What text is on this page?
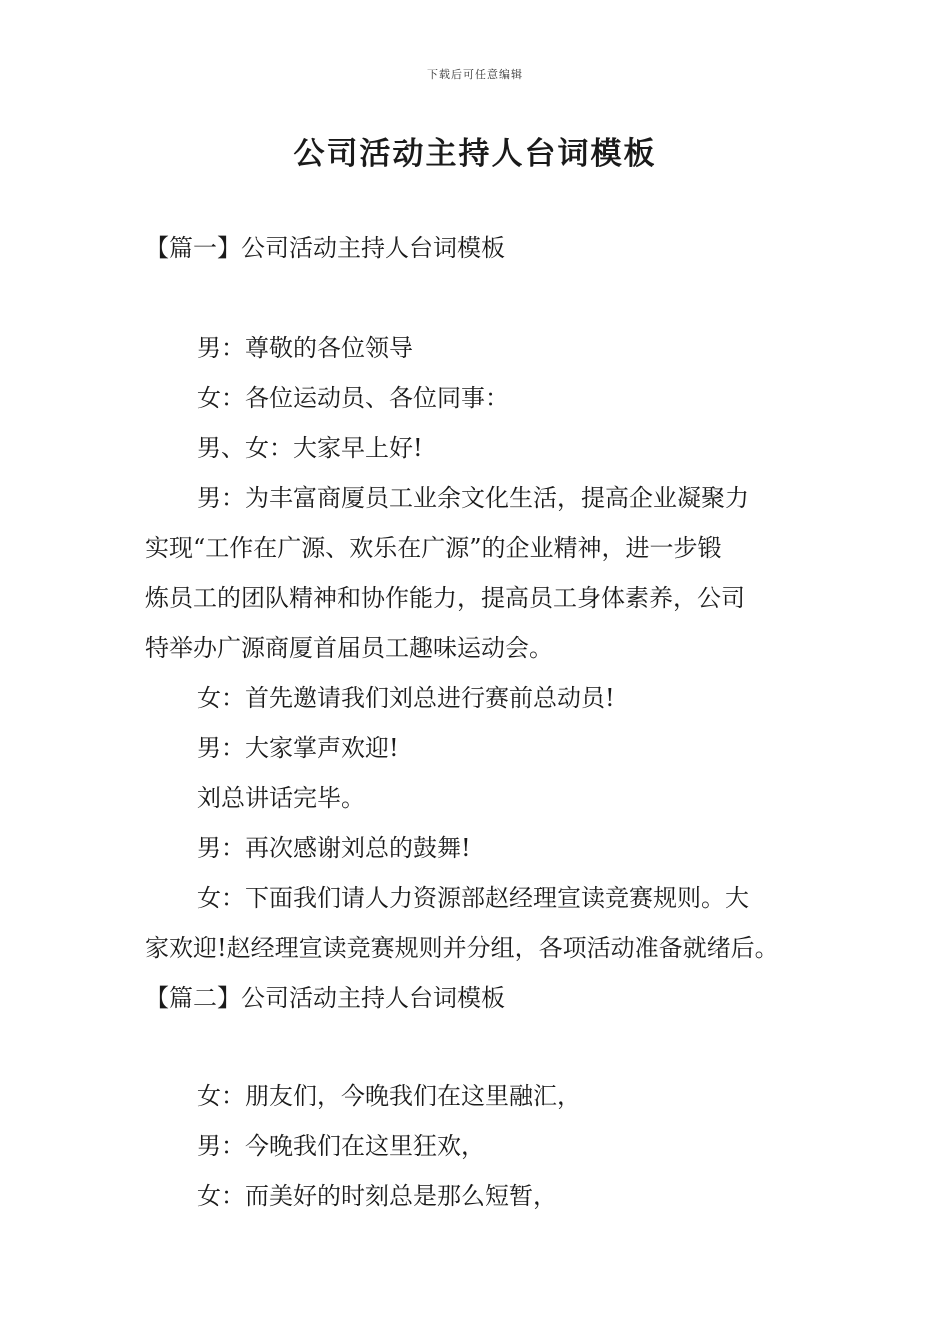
下载后可任意编辑
公司活动主持人台词模板
【篇一】公司活动主持人台词模板
男：尊敬的各位领导
女：各位运动员、各位同事：
男、女：大家早上好!
男：为丰富商厦员工业余文化生活，提高企业凝聚力
实现“工作在广源、欢乐在广源”的企业精神，进一步锻
炼员工的团队精神和协作能力，提高员工身体素养，公司
特举办广源商厦首届员工趣味运动会。
女：首先邀请我们刘总进行赛前总动员!
男：大家掌声欢迎!
刘总讲话完毕。
男：再次感谢刘总的鼓舞!
女：下面我们请人力资源部赵经理宣读竞赛规则。大
家欢迎!赵经理宣读竞赛规则并分组，各项活动准备就绪后。
【篇二】公司活动主持人台词模板
女：朋友们，今晚我们在这里融汇，
男：今晚我们在这里狂欢，
女：而美好的时刻总是那么短暂，
